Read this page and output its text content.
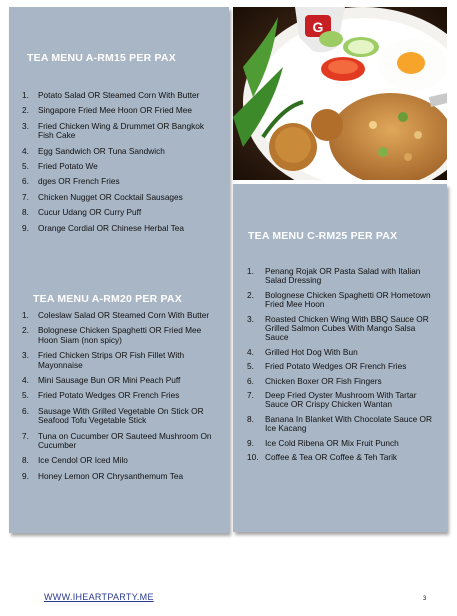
G
TEA MENU A-RM15 PER PAX
1. Potato Salad OR Steamed Corn With Butter
2. Singapore Fried Mee Hoon OR Fried Mee
3. Fried Chicken Wing & Drummet OR Bangkok Fish Cake
4. Egg Sandwich OR Tuna Sandwich
5. Fried Potato We
6. dges OR French Fries
7. Chicken Nugget OR Cocktail Sausages
8. Cucur Udang OR Curry Puff
9. Orange Cordial OR Chinese Herbal Tea
TEA MENU A-RM20 PER PAX
1. Coleslaw Salad OR Steamed Corn With Butter
2. Bolognese Chicken Spaghetti OR Fried Mee Hoon Siam (non spicy)
3. Fried Chicken Strips OR Fish Fillet With Mayonnaise
4. Mini Sausage Bun OR Mini Peach Puff
5. Fried Potato Wedges OR French Fries
6. Sausage With Grilled Vegetable On Stick OR Seafood Tofu Vegetable Stick
7. Tuna on Cucumber OR Sauteed Mushroom On Cucumber
8. Ice Cendol OR Iced Milo
9. Honey Lemon OR Chrysanthemum Tea
TEA MENU C-RM25 PER PAX
1. Penang Rojak OR Pasta Salad with Italian Salad Dressing
2. Bolognese Chicken Spaghetti OR Hometown Fried Mee Hoon
3. Roasted Chicken Wing With BBQ Sauce OR Grilled Salmon Cubes With Mango Salsa Sauce
4. Grilled Hot Dog With Bun
5. Fried Potato Wedges OR French Fries
6. Chicken Boxer OR Fish Fingers
7. Deep Fried Oyster Mushroom With Tartar Sauce OR Crispy Chicken Wantan
8. Banana In Blanket With Chocolate Sauce OR Ice Kacang
9. Ice Cold Ribena OR Mix Fruit Punch
10. Coffee & Tea OR Coffee & Teh Tarik
WWW.IHEARTPARTY.ME	3
